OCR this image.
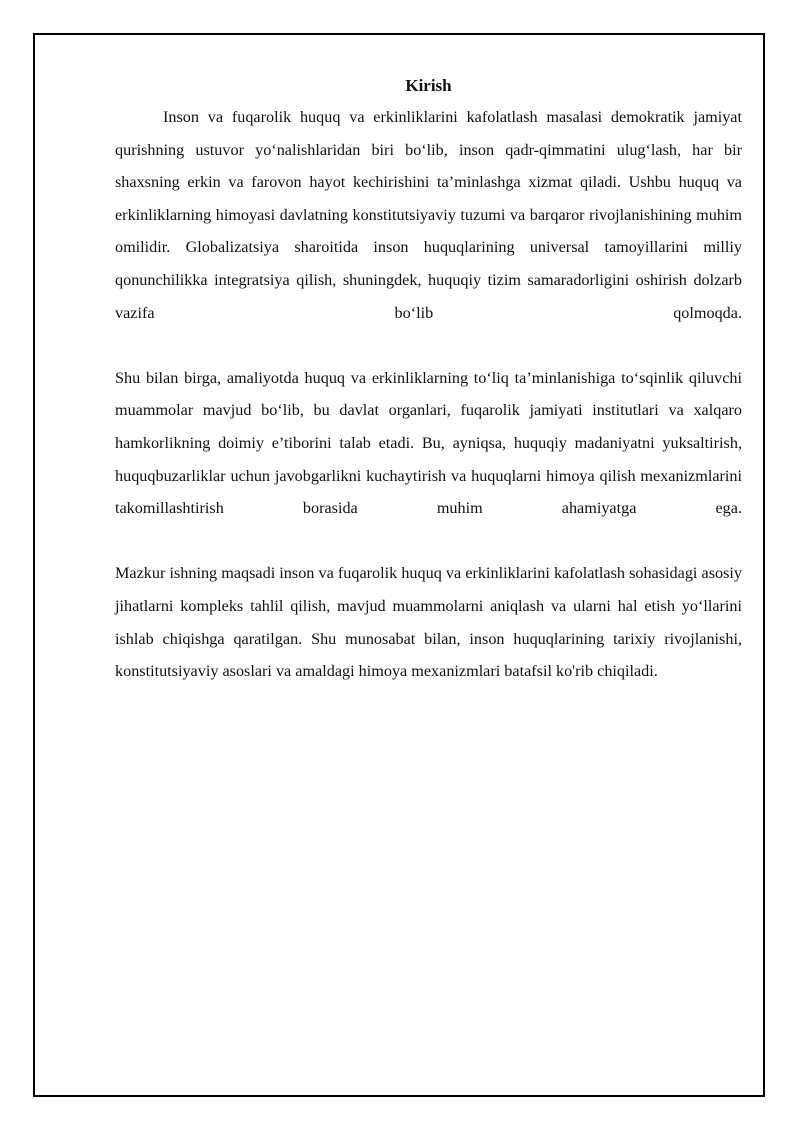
Kirish

Inson va fuqarolik huquq va erkinliklarini kafolatlash masalasi demokratik jamiyat qurishning ustuvor yo‘nalishlaridan biri bo‘lib, inson qadr-qimmatini ulug‘lash, har bir shaxsning erkin va farovon hayot kechirishini ta’minlashga xizmat qiladi. Ushbu huquq va erkinliklarning himoyasi davlatning konstitutsiyaviy tuzumi va barqaror rivojlanishining muhim omilidir. Globalizatsiya sharoitida inson huquqlarining universal tamoyillarini milliy qonunchilikka integratsiya qilish, shuningdek, huquqiy tizim samaradorligini oshirish dolzarb vazifa bo‘lib qolmoqda.

Shu bilan birga, amaliyotda huquq va erkinliklarning to‘liq ta’minlanishiga to‘sqinlik qiluvchi muammolar mavjud bo‘lib, bu davlat organlari, fuqarolik jamiyati institutlari va xalqaro hamkorlikning doimiy e’tiborini talab etadi. Bu, ayniqsa, huquqiy madaniyatni yuksaltirish, huquqbuzarliklar uchun javobgarlikni kuchaytirish va huquqlarni himoya qilish mexanizmlarini takomillashtirish borasida muhim ahamiyatga ega.

Mazkur ishning maqsadi inson va fuqarolik huquq va erkinliklarini kafolatlash sohasidagi asosiy jihatlarni kompleks tahlil qilish, mavjud muammolarni aniqlash va ularni hal etish yo‘llarini ishlab chiqishga qaratilgan. Shu munosabat bilan, inson huquqlarining tarixiy rivojlanishi, konstitutsiyaviy asoslari va amaldagi himoya mexanizmlari batafsil ko'rib chiqiladi.
